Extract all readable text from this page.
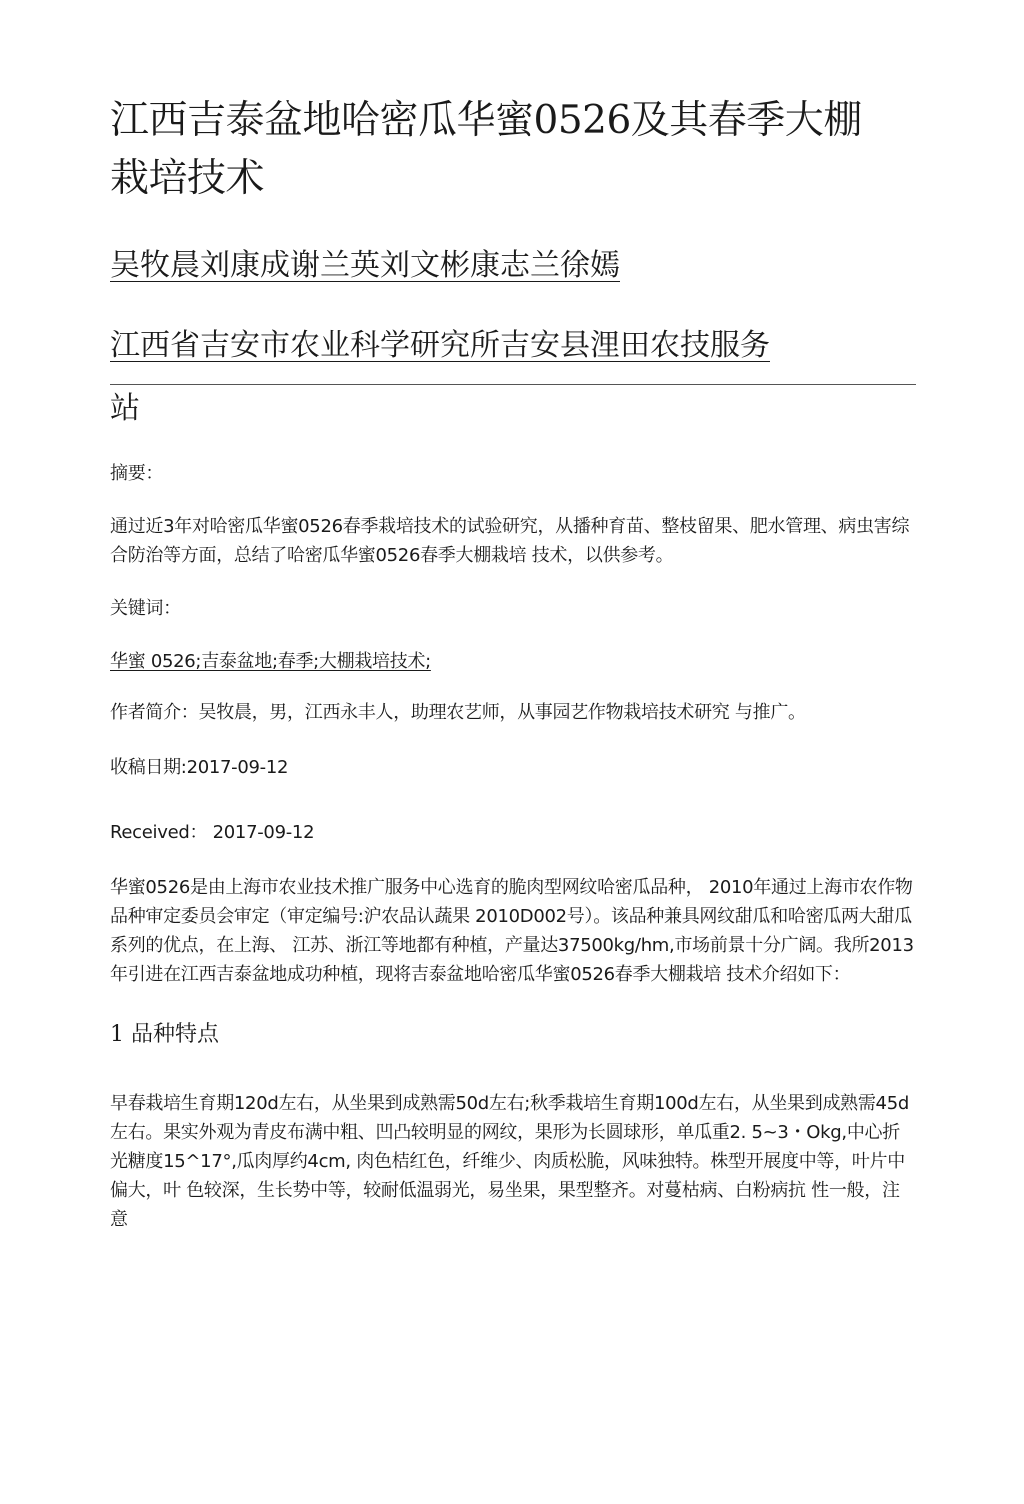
江西吉泰盆地哈密瓜华蜜0526及其春季大棚栽培技术
吴牧晨刘康成谢兰英刘文彬康志兰徐嫣
江西省吉安市农业科学研究所吉安县浬田农技服务
站

摘要：

通过近3年对哈密瓜华蜜0526春季栽培技术的试验研究，从播种育苗、整枝留果、肥水管理、病虫害综合防治等方面，总结了哈密瓜华蜜0526春季大棚栽培 技术，以供参考。

关键词：

华蜜 0526;吉泰盆地;春季;大棚栽培技术;

作者简介：吴牧晨，男，江西永丰人，助理农艺师，从事园艺作物栽培技术研究 与推广。

收稿日期:2017-09-12

Received： 2017-09-12

华蜜0526是由上海市农业技术推广服务中心选育的脆肉型网纹哈密瓜品种， 2010年通过上海市农作物品种审定委员会审定（审定编号:沪农品认蔬果 2010D002号）。该品种兼具网纹甜瓜和哈密瓜两大甜瓜系列的优点，在上海、 江苏、浙江等地都有种植，产量达37500kg/hm,市场前景十分广阔。我所2013年引进在江西吉泰盆地成功种植，现将吉泰盆地哈密瓜华蜜0526春季大棚栽培 技术介绍如下：

1 品种特点

早春栽培生育期120d左右，从坐果到成熟需50d左右;秋季栽培生育期100d左右，从坐果到成熟需45d左右。果实外观为青皮布满中粗、凹凸较明显的网纹，果形为长圆球形，单瓜重2. 5~3・Okg,中心折光糖度15^17°,瓜肉厚约4cm, 肉色桔红色，纤维少、肉质松脆，风味独特。株型开展度中等，叶片中偏大，叶 色较深，生长势中等，较耐低温弱光，易坐果，果型整齐。对蔓枯病、白粉病抗 性一般，注意
